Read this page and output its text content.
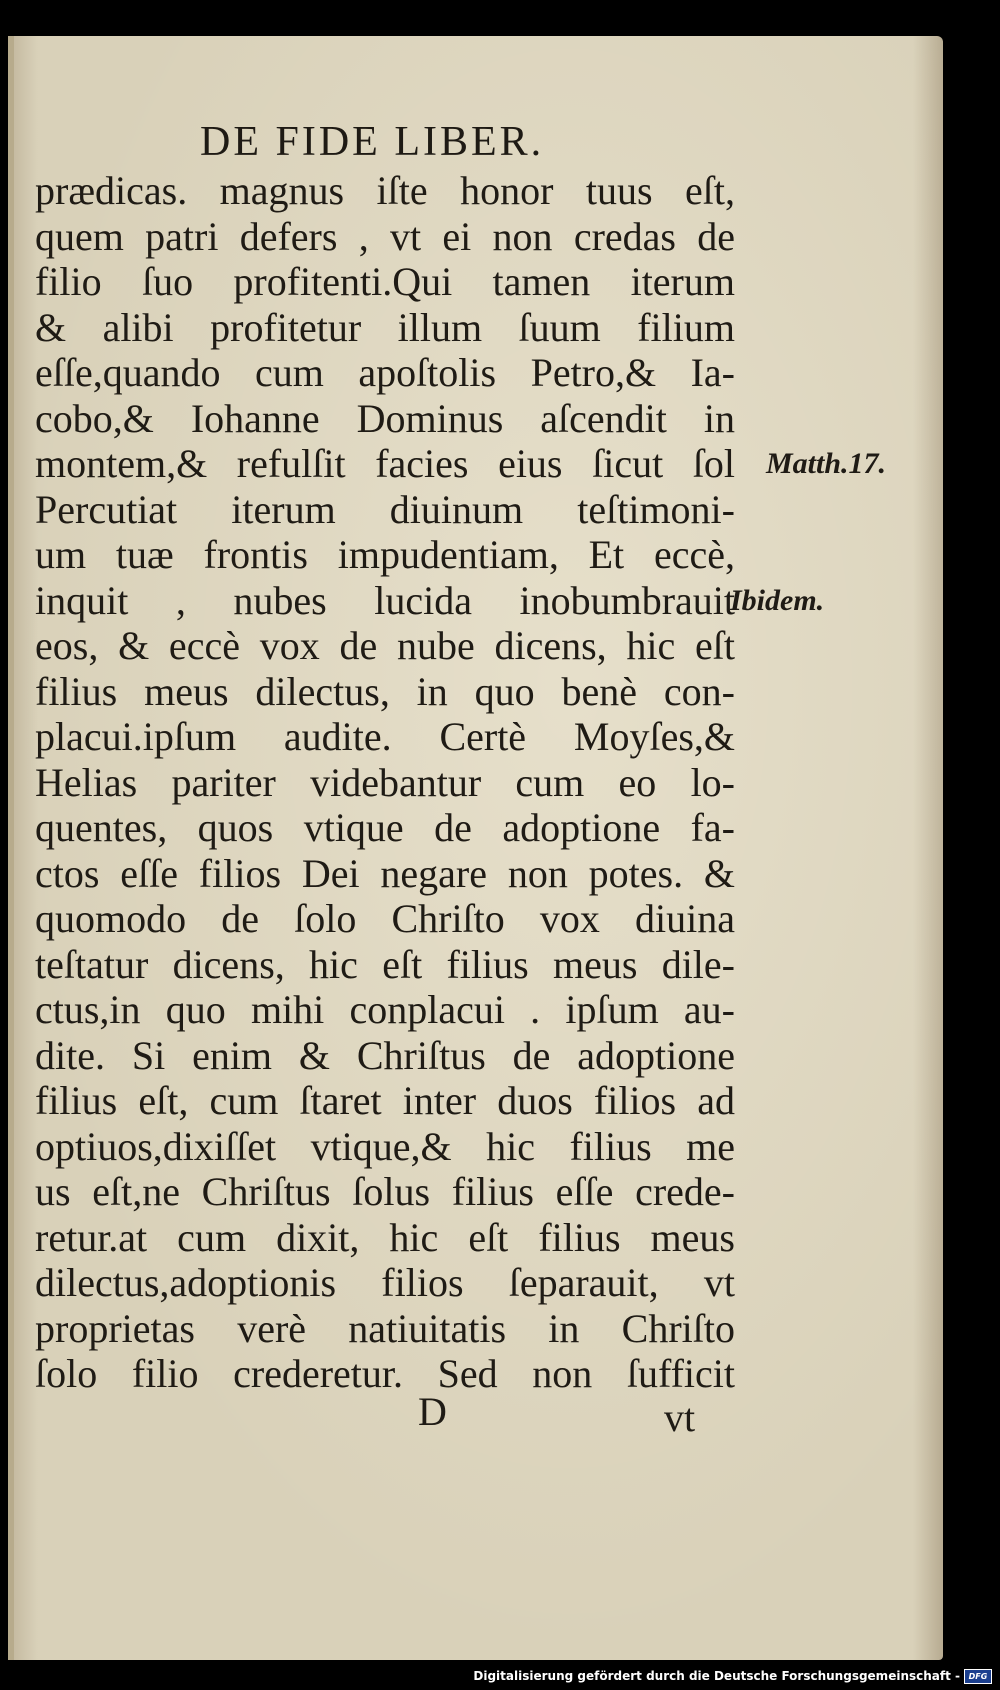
DE FIDE LIBER.
prædicas. magnus iſte honor tuus eſt,
quem patri defers , vt ei non credas de
filio ſuo profitenti.Qui tamen iterum
& alibi profitetur illum ſuum filium
eſſe,quando cum apoſtolis Petro,& Ia-
cobo,& Iohanne Dominus aſcendit in
montem,& refulſit facies eius ſicut ſol
Percutiat iterum diuinum teſtimoni-
um tuæ frontis impudentiam, Et eccè,
inquit , nubes lucida inobumbrauit
eos, & eccè vox de nube dicens, hic eſt
filius meus dilectus, in quo benè con-
placui.ipſum audite. Certè Moyſes,&
Helias pariter videbantur cum eo lo-
quentes, quos vtique de adoptione fa-
ctos eſſe filios Dei negare non potes. &
quomodo de ſolo Chriſto vox diuina
teſtatur dicens, hic eſt filius meus dile-
ctus,in quo mihi conplacui . ipſum au-
dite. Si enim & Chriſtus de adoptione
filius eſt, cum ſtaret inter duos filios ad
optiuos,dixiſſet vtique,& hic filius me
us eſt,ne Chriſtus ſolus filius eſſe crede-
retur.at cum dixit, hic eſt filius meus
dilectus,adoptionis filios ſeparauit, vt
proprietas verè natiuitatis in Chriſto
ſolo filio crederetur. Sed non ſufficit
Matth.17.
Ibidem.
D	vt
Digitalisierung gefördert durch die Deutsche Forschungsgemeinschaft -	DFG
